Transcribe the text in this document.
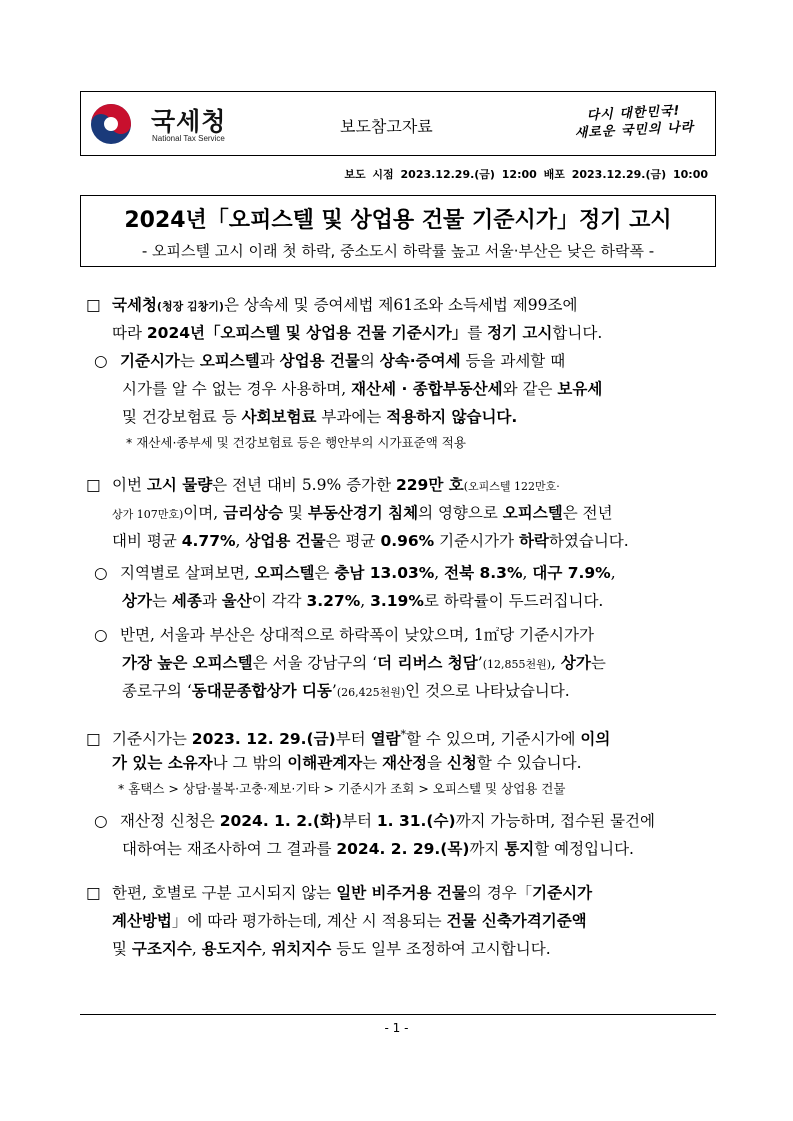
국세청
National Tax Service
보도참고자료
다시 대한민국!
새로운 국민의 나라
보도 시점 2023.12.29.(금) 12:00 배포 2023.12.29.(금) 10:00
2024년「오피스텔 및 상업용 건물 기준시가」정기 고시
- 오피스텔 고시 이래 첫 하락, 중소도시 하락률 높고 서울·부산은 낮은 하락폭 -
□ 국세청(청장 김창기)은 상속세 및 증여세법 제61조와 소득세법 제99조에
따라 2024년「오피스텔 및 상업용 건물 기준시가」를 정기 고시합니다.
○ 기준시가는 오피스텔과 상업용 건물의 상속·증여세 등을 과세할 때
시가를 알 수 없는 경우 사용하며, 재산세 · 종합부동산세와 같은 보유세
및 건강보험료 등 사회보험료 부과에는 적용하지 않습니다.
* 재산세·종부세 및 건강보험료 등은 행안부의 시가표준액 적용
□ 이번 고시 물량은 전년 대비 5.9% 증가한 229만 호(오피스텔 122만호·
상가 107만호)이며, 금리상승 및 부동산경기 침체의 영향으로 오피스텔은 전년
대비 평균 4.77%, 상업용 건물은 평균 0.96% 기준시가가 하락하였습니다.
○ 지역별로 살펴보면, 오피스텔은 충남 13.03%, 전북 8.3%, 대구 7.9%,
상가는 세종과 울산이 각각 3.27%, 3.19%로 하락률이 두드러집니다.
○ 반면, 서울과 부산은 상대적으로 하락폭이 낮았으며, 1㎡당 기준시가가
가장 높은 오피스텔은 서울 강남구의 ‘더 리버스 청담’(12,855천원), 상가는
종로구의 ‘동대문종합상가 디동’(26,425천원)인 것으로 나타났습니다.
□ 기준시가는 2023. 12. 29.(금)부터 열람*할 수 있으며, 기준시가에 이의
가 있는 소유자나 그 밖의 이해관계자는 재산정을 신청할 수 있습니다.
* 홈택스 > 상담·불복·고충·제보·기타 > 기준시가 조회 > 오피스텔 및 상업용 건물
○ 재산정 신청은 2024. 1. 2.(화)부터 1. 31.(수)까지 가능하며, 접수된 물건에
대하여는 재조사하여 그 결과를 2024. 2. 29.(목)까지 통지할 예정입니다.
□ 한편, 호별로 구분 고시되지 않는 일반 비주거용 건물의 경우「기준시가
계산방법」에 따라 평가하는데, 계산 시 적용되는 건물 신축가격기준액
및 구조지수, 용도지수, 위치지수 등도 일부 조정하여 고시합니다.
- 1 -
